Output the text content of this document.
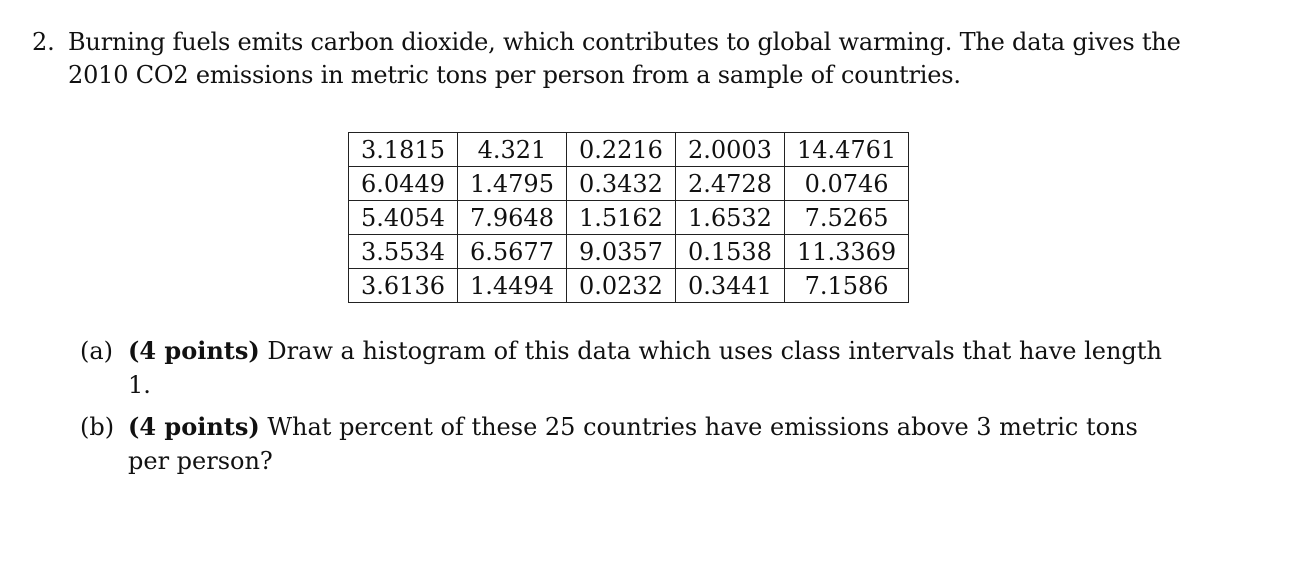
2. Burning fuels emits carbon dioxide, which contributes to global warming. The data gives the
2010 CO2 emissions in metric tons per person from a sample of countries.
3.1815	4.321	0.2216	2.0003	14.4761
6.0449	1.4795	0.3432	2.4728	0.0746
5.4054	7.9648	1.5162	1.6532	7.5265
3.5534	6.5677	9.0357	0.1538	11.3369
3.6136	1.4494	0.0232	0.3441	7.1586
(a) (4 points) Draw a histogram of this data which uses class intervals that have length 1.
(b) (4 points) What percent of these 25 countries have emissions above 3 metric tons per person?
